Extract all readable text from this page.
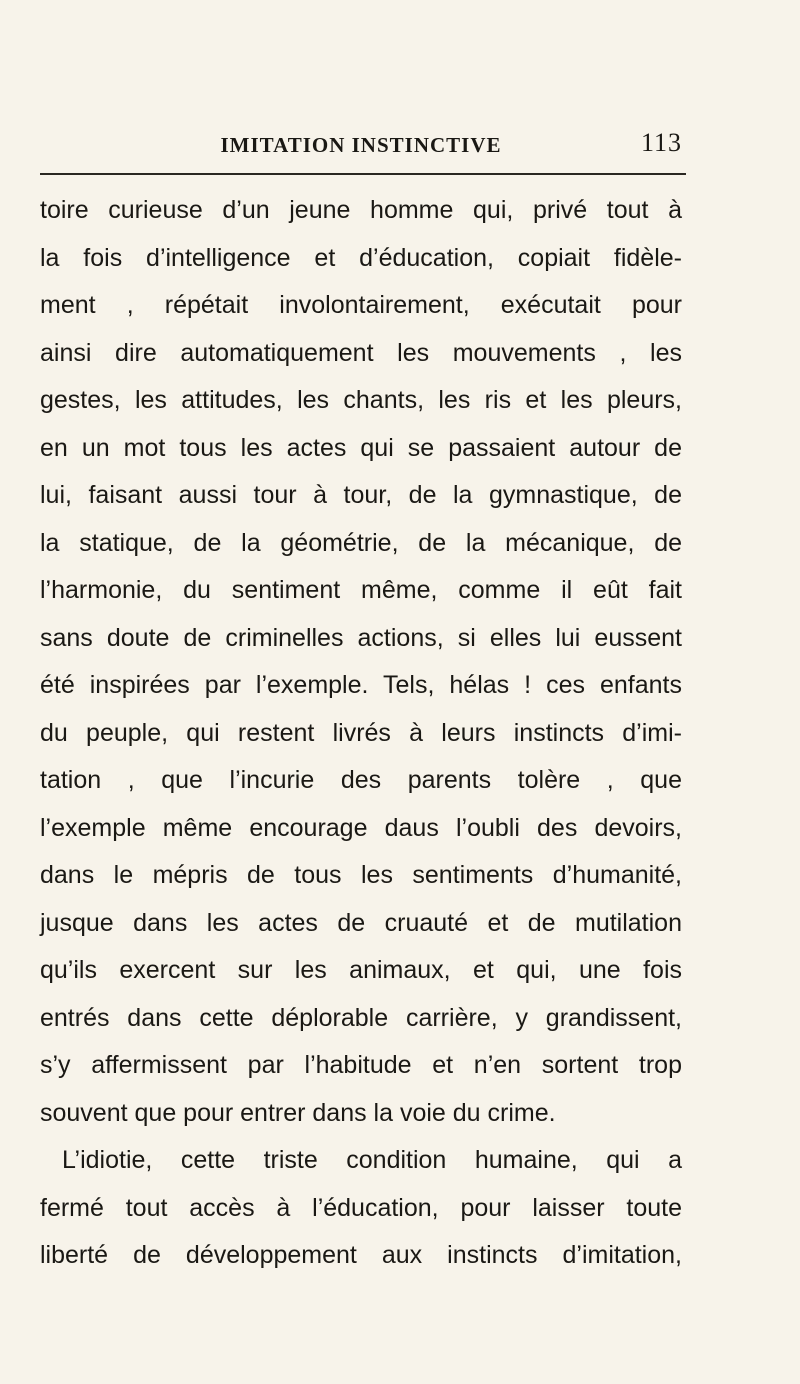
IMITATION INSTINCTIVE	113
toire curieuse d’un jeune homme qui, privé tout à
la fois d’intelligence et d’éducation, copiait fidèle-
ment , répétait involontairement, exécutait pour
ainsi dire automatiquement les mouvements , les
gestes, les attitudes, les chants, les ris et les pleurs,
en un mot tous les actes qui se passaient autour de
lui, faisant aussi tour à tour, de la gymnastique, de
la statique, de la géométrie, de la mécanique, de
l’harmonie, du sentiment même, comme il eût fait
sans doute de criminelles actions, si elles lui eussent
été inspirées par l’exemple. Tels, hélas ! ces enfants
du peuple, qui restent livrés à leurs instincts d’imi-
tation , que l’incurie des parents tolère , que
l’exemple même encourage daus l’oubli des devoirs,
dans le mépris de tous les sentiments d’humanité,
jusque dans les actes de cruauté et de mutilation
qu’ils exercent sur les animaux, et qui, une fois
entrés dans cette déplorable carrière, y grandissent,
s’y affermissent par l’habitude et n’en sortent trop
souvent que pour entrer dans la voie du crime.
L’idiotie, cette triste condition humaine, qui a
fermé tout accès à l’éducation, pour laisser toute
liberté de développement aux instincts d’imitation,
